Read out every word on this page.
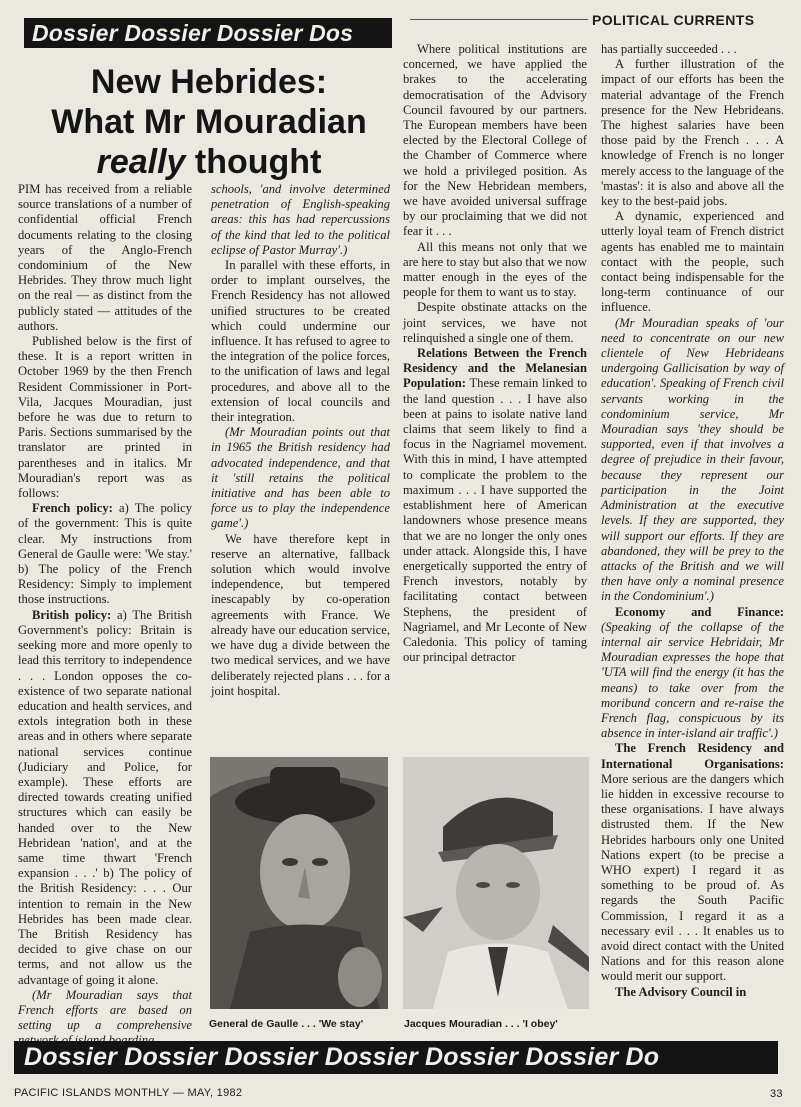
Dossier Dossier Dossier Dos	POLITICAL CURRENTS
New Hebrides:
What Mr Mouradian
really thought

PIM has received from a reliable source translations of a number of confidential official French documents relating to the closing years of the Anglo-French condominium of the New Hebrides. They throw much light on the real — as distinct from the publicly stated — attitudes of the authors.

Published below is the first of these. It is a report written in October 1969 by the then French Resident Commissioner in Port-Vila, Jacques Mouradian, just before he was due to return to Paris. Sections summarised by the translator are printed in parentheses and in italics. Mr Mouradian's report was as follows:

French policy: a) The policy of the government: This is quite clear. My instructions from General de Gaulle were: 'We stay.' b) The policy of the French Residency: Simply to implement those instructions.

British policy: a) The British Government's policy: Britain is seeking more and more openly to lead this territory to independence . . . London opposes the co-existence of two separate national education and health services, and extols integration both in these areas and in others where separate national services continue (Judiciary and Police, for example). These efforts are directed towards creating unified structures which can easily be handed over to the New Hebridean 'nation', and at the same time thwart 'French expansion . . .' b) The policy of the British Residency: . . . Our intention to remain in the New Hebrides has been made clear. The British Residency has decided to give chase on our terms, and not allow us the advantage of going it alone.

(Mr Mouradian says that French efforts are based on setting up a comprehensive

schools, 'and involve determined penetration of English-speaking areas: this has had repercussions of the kind that led to the political eclipse of Pastor Murray'.)

In parallel with these efforts, in order to implant ourselves, the French Residency has not allowed unified structures to be created which could undermine our influence. It has refused to agree to the integration of the police forces, to the unification of laws and legal procedures, and above all to the extension of local councils and their integration.

(Mr Mouradian points out that in 1965 the British residency had advocated independence, and that it 'still retains the political initiative and has been able to force us to play the independence game'.)

We have therefore kept in reserve an alternative, fallback solution which would involve independence, but tempered inescapably by co-operation agreements with France. We already have our education service, we have dug a divide between the two medical services, and we have deliberately rejected plans . . . for a joint hospital.

Where political institutions are concerned, we have applied the brakes to the accelerating democratisation of the Advisory Council favoured by our partners. The European members have been elected by the Electoral College of the Chamber of Commerce where we hold a privileged position. As for the New Hebridean members, we have avoided universal suffrage by our proclaiming that we did not fear it . . .

All this means not only that we are here to stay but also that we now matter enough in the eyes of the people for them to want us to stay.

Despite obstinate attacks on the joint services, we have not relinquished a single one of them.

Relations Between the French Residency and the Melanesian Population: These remain linked to the land question . . . I have also been at pains to isolate native land claims that seem likely to find a focus in the Nagriamel movement. With this in mind, I have attempted to complicate the problem to the maximum . . . I have supported the establishment here of American landowners whose presence means that we are no longer the only ones under attack. Alongside this, I have energetically supported the entry of French investors, notably by facilitating contact between Stephens, the president of Nagriamel, and Mr Leconte of New Caledonia. This policy of taming our principal detractor

has partially succeeded . . .

A further illustration of the impact of our efforts has been the material advantage of the French presence for the New Hebrideans. The highest salaries have been those paid by the French . . . A knowledge of French is no longer merely access to the language of the 'mastas': it is also and above all the key to the best-paid jobs.

A dynamic, experienced and utterly loyal team of French district agents has enabled me to maintain contact with the people, such contact being indispensable for the long-term continuance of our influence.

(Mr Mouradian speaks of 'our need to concentrate on our new clientele of New Hebrideans undergoing Gallicisation by way of education'. Speaking of French civil servants working in the condominium service, Mr Mouradian says 'they should be supported, even if that involves a degree of prejudice in their favour, because they represent our participation in the Joint Administration at the executive levels. If they are supported, they will support our efforts. If they are abandoned, they will be prey to the attacks of the British and we will then have only a nominal presence in the Condominium'.)

Economy and Finance: (Speaking of the collapse of the internal air service Hebridair, Mr Mouradian expresses the hope that 'UTA will find the energy (it has the means) to take over from the moribund concern and re-raise the French flag, conspicuous by its absence in inter-island air traffic'.)

The French Residency and International Organisations: More serious are the dangers which lie hidden in excessive recourse to these organisations. I have always distrusted them. If the New Hebrides harbours only one United Nations expert (to be precise a WHO expert) I regard it as something to be proud of. As regards the South Pacific Commission, I regard it as a necessary evil . . . It enables us to avoid direct contact with the United Nations and for this reason alone would merit our support.

The Advisory Council in

General de Gaulle . . . 'We stay'	Jacques Mouradian . . . 'I obey'
Dossier Dossier Dossier Dossier Dossier Dossier Do
PACIFIC ISLANDS MONTHLY — MAY, 1982	33
